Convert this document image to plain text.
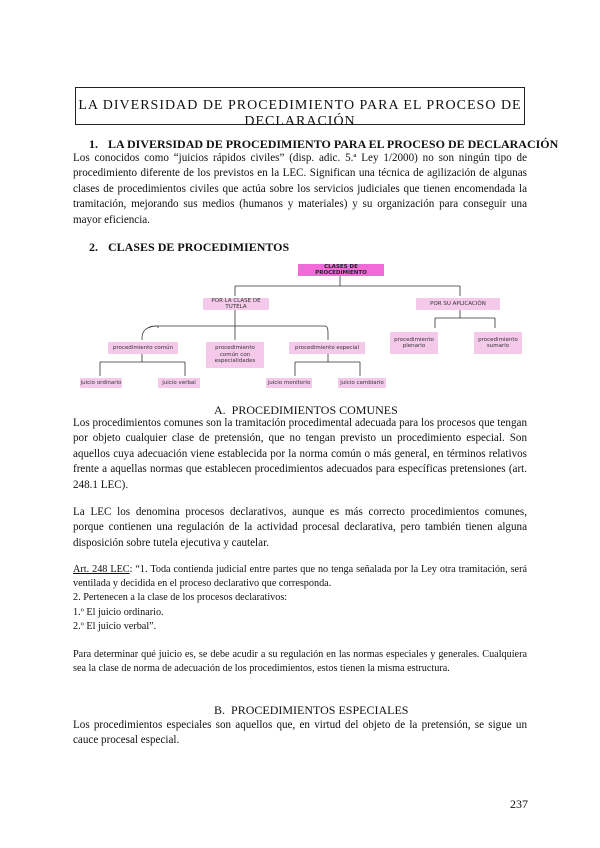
LA DIVERSIDAD DE PROCEDIMIENTO PARA EL PROCESO DE DECLARACIÓN
1. LA DIVERSIDAD DE PROCEDIMIENTO PARA EL PROCESO DE DECLARACIÓN

Los conocidos como “juicios rápidos civiles” (disp. adic. 5.ª Ley 1/2000) no son ningún tipo de procedimiento diferente de los previstos en la LEC. Significan una técnica de agilización de algunas clases de procedimientos civiles que actúa sobre los servicios judiciales que tienen encomendada la tramitación, mejorando sus medios (humanos y materiales) y su organización para conseguir una mayor eficiencia.

2. CLASES DE PROCEDIMIENTOS
CLASES DE PROCEDIMIENTO
POR LA CLASE DE TUTELA
POR SU APLICACIÓN
procedimiento común	procedimiento común con especialidades
procedimiento especial
procedimiento plenario
procedimiento sumario
juicio ordinario	juicio verbal	juicio monitorio	juicio cambiario
A. PROCEDIMIENTOS COMUNES

Los procedimientos comunes son la tramitación procedimental adecuada para los procesos que tengan por objeto cualquier clase de pretensión, que no tengan previsto un procedimiento especial. Son aquellos cuya adecuación viene establecida por la norma común o más general, en términos relativos frente a aquellas normas que establecen procedimientos adecuados para específicas pretensiones (art. 248.1 LEC).

La LEC los denomina procesos declarativos, aunque es más correcto procedimientos comunes, porque contienen una regulación de la actividad procesal declarativa, pero también tienen alguna disposición sobre tutela ejecutiva y cautelar.

Art. 248 LEC: “1. Toda contienda judicial entre partes que no tenga señalada por la Ley otra tramitación, será ventilada y decidida en el proceso declarativo que corresponda.
2. Pertenecen a la clase de los procesos declarativos:
1.º El juicio ordinario.
2.º El juicio verbal”.

Para determinar qué juicio es, se debe acudir a su regulación en las normas especiales y generales. Cualquiera sea la clase de norma de adecuación de los procedimientos, estos tienen la misma estructura.

B. PROCEDIMIENTOS ESPECIALES

Los procedimientos especiales son aquellos que, en virtud del objeto de la pretensión, se sigue un cauce procesal especial.

237
